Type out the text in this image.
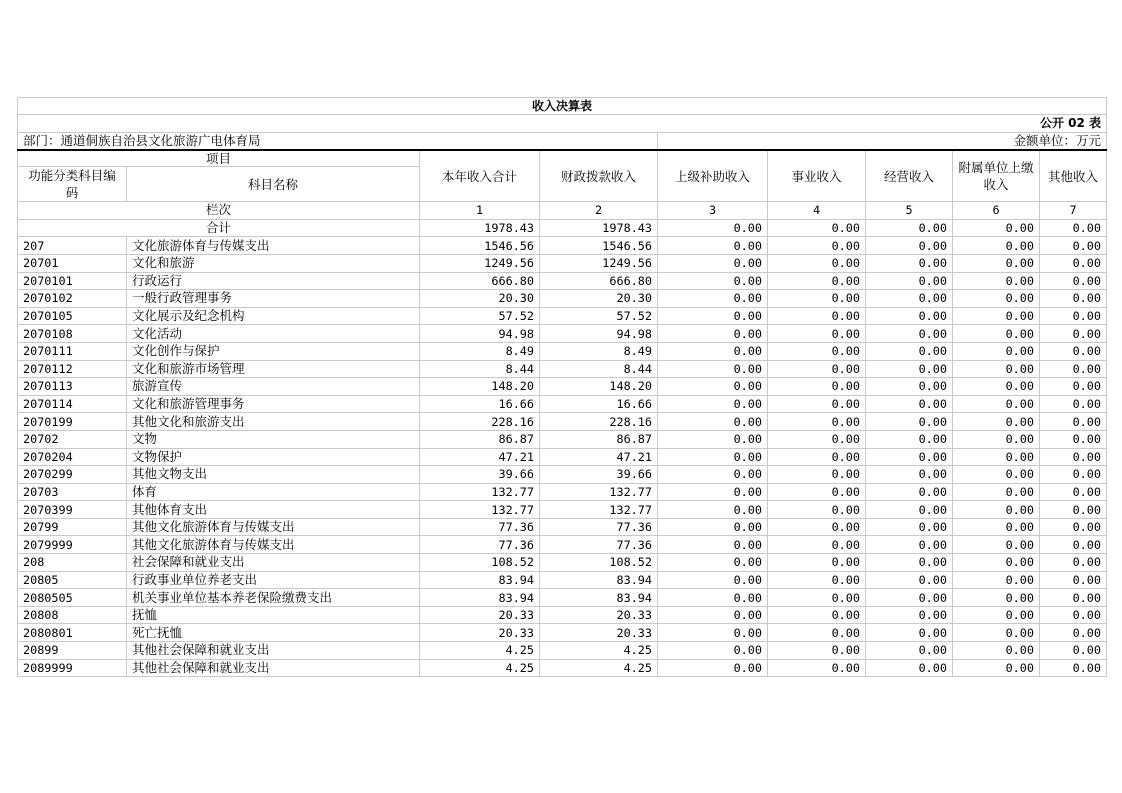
收入决算表								
				公开 02 表				
部门：通道侗族自治县文化旅游广电体育局				金额单位：万元				
项目		本年收入合计	财政拨款收入	上级补助收入	事业收入	经营收入	附属单位上缴收入	其他收入
功能分类科目编码	科目名称							
栏次		1	2	3	4	5	6	7
合计		1978.43	1978.43	0.00	0.00	0.00	0.00	0.00
207	文化旅游体育与传媒支出	1546.56	1546.56	0.00	0.00	0.00	0.00	0.00
20701	文化和旅游	1249.56	1249.56	0.00	0.00	0.00	0.00	0.00
2070101	行政运行	666.80	666.80	0.00	0.00	0.00	0.00	0.00
2070102	一般行政管理事务	20.30	20.30	0.00	0.00	0.00	0.00	0.00
2070105	文化展示及纪念机构	57.52	57.52	0.00	0.00	0.00	0.00	0.00
2070108	文化活动	94.98	94.98	0.00	0.00	0.00	0.00	0.00
2070111	文化创作与保护	8.49	8.49	0.00	0.00	0.00	0.00	0.00
2070112	文化和旅游市场管理	8.44	8.44	0.00	0.00	0.00	0.00	0.00
2070113	旅游宣传	148.20	148.20	0.00	0.00	0.00	0.00	0.00
2070114	文化和旅游管理事务	16.66	16.66	0.00	0.00	0.00	0.00	0.00
2070199	其他文化和旅游支出	228.16	228.16	0.00	0.00	0.00	0.00	0.00
20702	文物	86.87	86.87	0.00	0.00	0.00	0.00	0.00
2070204	文物保护	47.21	47.21	0.00	0.00	0.00	0.00	0.00
2070299	其他文物支出	39.66	39.66	0.00	0.00	0.00	0.00	0.00
20703	体育	132.77	132.77	0.00	0.00	0.00	0.00	0.00
2070399	其他体育支出	132.77	132.77	0.00	0.00	0.00	0.00	0.00
20799	其他文化旅游体育与传媒支出	77.36	77.36	0.00	0.00	0.00	0.00	0.00
2079999	其他文化旅游体育与传媒支出	77.36	77.36	0.00	0.00	0.00	0.00	0.00
208	社会保障和就业支出	108.52	108.52	0.00	0.00	0.00	0.00	0.00
20805	行政事业单位养老支出	83.94	83.94	0.00	0.00	0.00	0.00	0.00
2080505	机关事业单位基本养老保险缴费支出	83.94	83.94	0.00	0.00	0.00	0.00	0.00
20808	抚恤	20.33	20.33	0.00	0.00	0.00	0.00	0.00
2080801	死亡抚恤	20.33	20.33	0.00	0.00	0.00	0.00	0.00
20899	其他社会保障和就业支出	4.25	4.25	0.00	0.00	0.00	0.00	0.00
2089999	其他社会保障和就业支出	4.25	4.25	0.00	0.00	0.00	0.00	0.00
